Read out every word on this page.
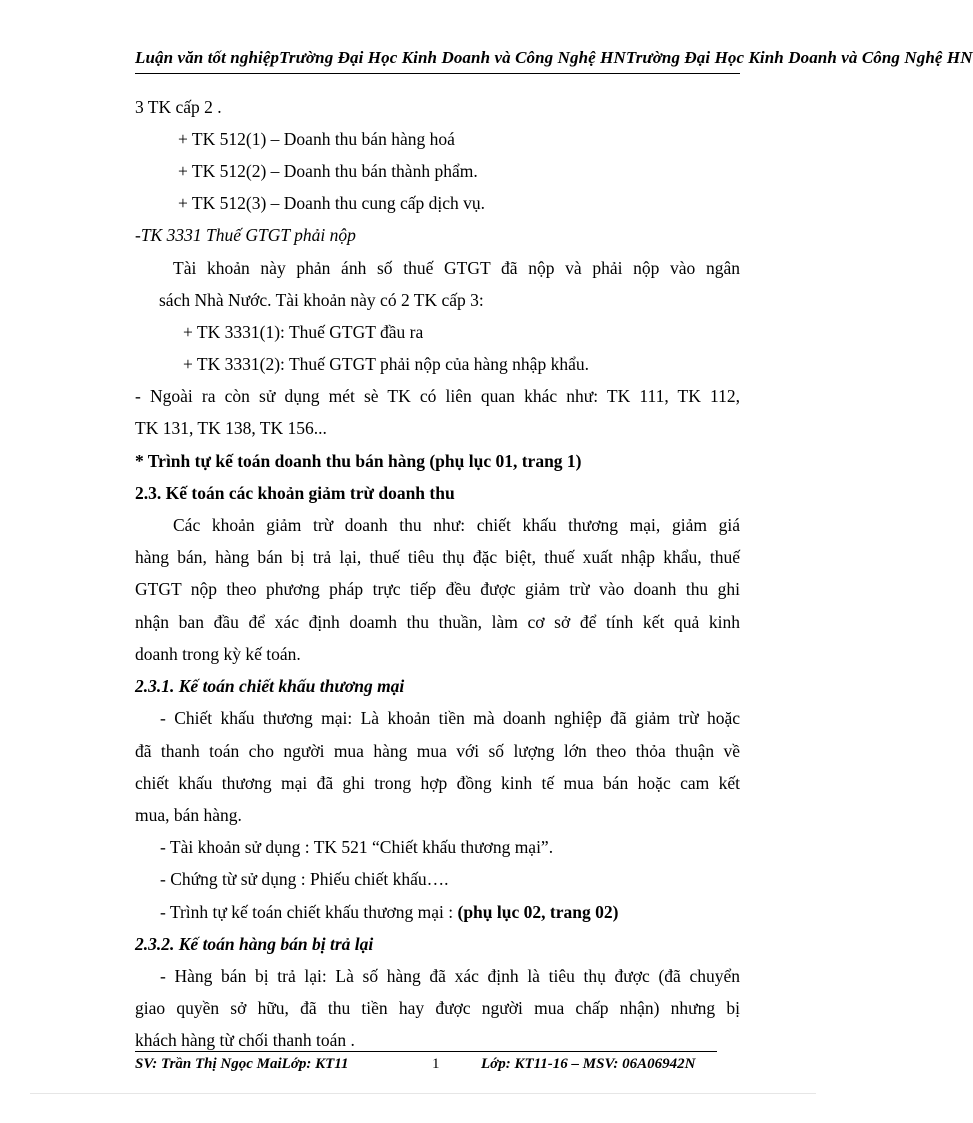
Luận văn tốt nghiệpTrường Đại Học Kinh Doanh và Công Nghệ HNTrường Đại Học Kinh Doanh và Công Nghệ HN
3 TK cấp 2 .
+ TK 512(1) – Doanh thu bán hàng hoá
+ TK 512(2) – Doanh thu bán thành phẩm.
+ TK 512(3) – Doanh thu cung cấp dịch vụ.
-TK 3331 Thuế GTGT phải nộp
Tài khoản này phản ánh số thuế GTGT đã nộp và phải nộp vào ngân
sách Nhà Nước. Tài khoản này có 2 TK cấp 3:
+ TK 3331(1): Thuế GTGT đầu ra
+ TK 3331(2): Thuế GTGT phải nộp của hàng nhập khẩu.
- Ngoài ra còn sử dụng mét sè TK có liên quan khác như: TK 111, TK 112,
TK 131, TK 138, TK 156...
* Trình tự kế toán doanh thu bán hàng (phụ lục 01, trang 1)
2.3. Kế toán các khoản giảm trừ doanh thu
Các khoản giảm trừ doanh thu như: chiết khấu thương mại, giảm giá
hàng bán, hàng bán bị trả lại, thuế tiêu thụ đặc biệt, thuế xuất nhập khẩu, thuế
GTGT nộp theo phương pháp trực tiếp đều được giảm trừ vào doanh thu ghi
nhận ban đầu để xác định doamh thu thuần, làm cơ sở để tính kết quả kinh
doanh trong kỳ kế toán.
2.3.1. Kế toán chiết khấu thương mại
- Chiết khấu thương mại: Là khoản tiền mà doanh nghiệp đã giảm trừ hoặc
đã thanh toán cho người mua hàng mua với số lượng lớn theo thỏa thuận về
chiết khấu thương mại đã ghi trong hợp đồng kinh tế mua bán hoặc cam kết
mua, bán hàng.
- Tài khoản sử dụng : TK 521 “Chiết khấu thương mại”.
- Chứng từ sử dụng : Phiếu chiết khấu….
- Trình tự kế toán chiết khấu thương mại : (phụ lục 02, trang 02)
2.3.2. Kế toán hàng bán bị trả lại
- Hàng bán bị trả lại: Là số hàng đã xác định là tiêu thụ được (đã chuyển
giao quyền sở hữu, đã thu tiền hay được người mua chấp nhận) nhưng bị
khách hàng từ chối thanh toán .
SV: Trần Thị Ngọc MaiLớp: KT11	1	Lớp: KT11-16 – MSV: 06A06942N
